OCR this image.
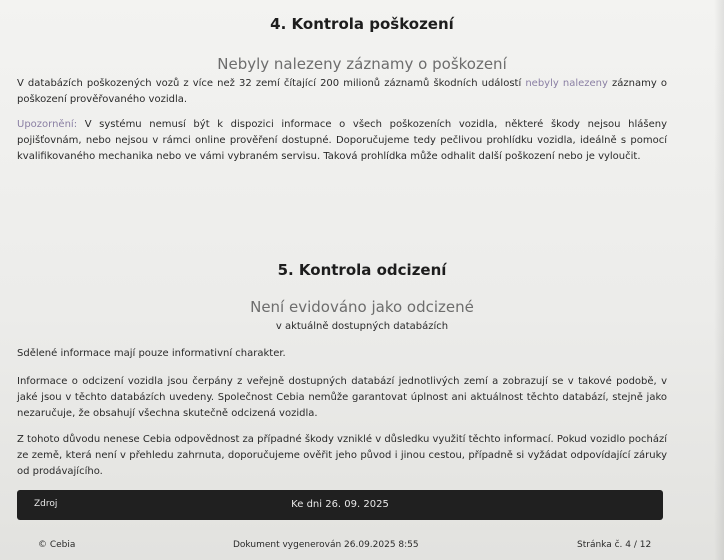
4. Kontrola poškození
Nebyly nalezeny záznamy o poškození
V databázích poškozených vozů z více než 32 zemí čítající 200 milionů záznamů škodních událostí nebyly nalezeny záznamy o poškození prověřovaného vozidla.
Upozornění: V systému nemusí být k dispozici informace o všech poškozeních vozidla, některé škody nejsou hlášeny pojišťovnám, nebo nejsou v rámci online prověření dostupné. Doporučujeme tedy pečlivou prohlídku vozidla, ideálně s pomocí kvalifikovaného mechanika nebo ve vámi vybraném servisu. Taková prohlídka může odhalit další poškození nebo je vyloučit.
5. Kontrola odcizení
Není evidováno jako odcizené
v aktuálně dostupných databázích
Sdělené informace mají pouze informativní charakter.
Informace o odcizení vozidla jsou čerpány z veřejně dostupných databází jednotlivých zemí a zobrazují se v takové podobě, v jaké jsou v těchto databázích uvedeny. Společnost Cebia nemůže garantovat úplnost ani aktuálnost těchto databází, stejně jako nezaručuje, že obsahují všechna skutečně odcizená vozidla.
Z tohoto důvodu nenese Cebia odpovědnost za případné škody vzniklé v důsledku využití těchto informací. Pokud vozidlo pochází ze země, která není v přehledu zahrnuta, doporučujeme ověřit jeho původ i jinou cestou, případně si vyžádat odpovídající záruky od prodávajícího.
Zdroj	Ke dni 26. 09. 2025
© Cebia	Dokument vygenerován 26.09.2025 8:55	Stránka č. 4 / 12
